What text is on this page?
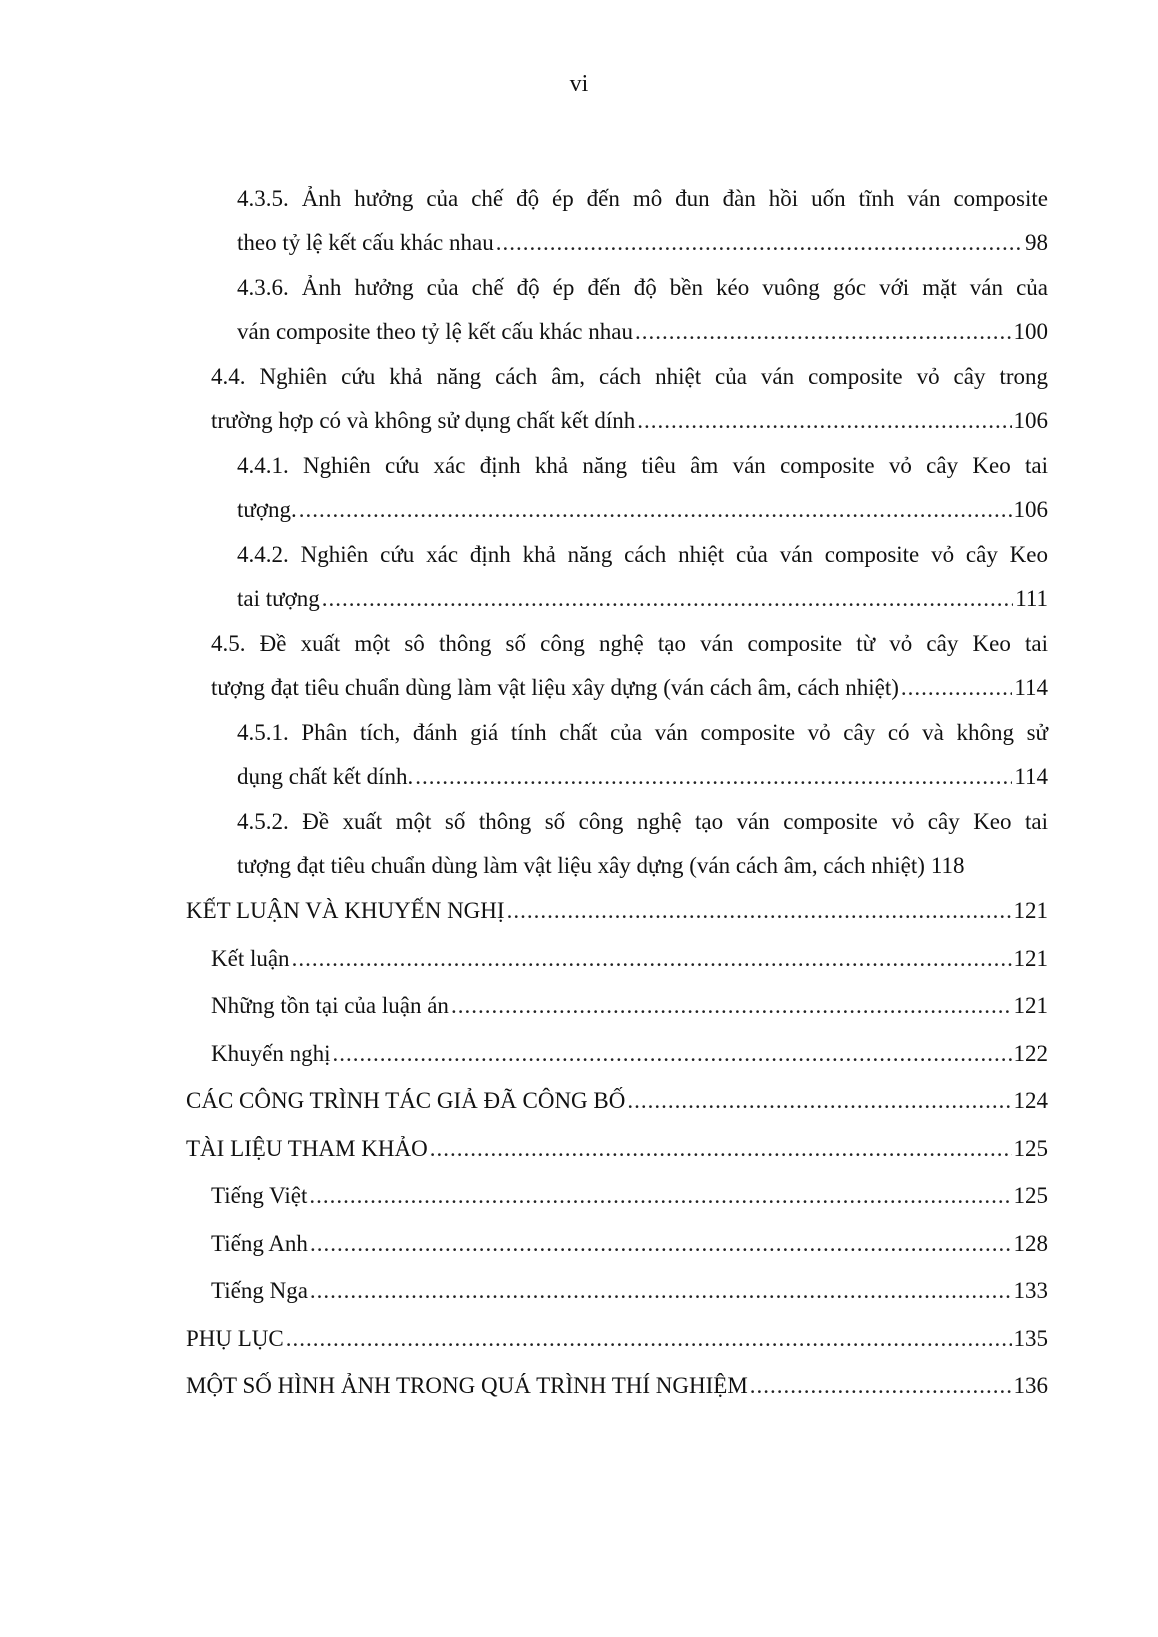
vi
4.3.5. Ảnh hưởng của chế độ ép đến mô đun đàn hồi uốn tĩnh ván composite
theo tỷ lệ kết cấu khác nhau .....	98
4.3.6. Ảnh hưởng của chế độ ép đến độ bền kéo vuông góc với mặt ván của
ván composite theo tỷ lệ kết cấu khác nhau .....	100
4.4. Nghiên cứu khả năng cách âm, cách nhiệt của ván composite vỏ cây trong
trường hợp có và không sử dụng chất kết dính .....	106
4.4.1. Nghiên cứu xác định khả năng tiêu âm ván composite vỏ cây Keo tai
tượng. .....	106
4.4.2. Nghiên cứu xác định khả năng cách nhiệt của ván composite vỏ cây Keo
tai tượng .....	111
4.5. Đề xuất một sô thông số công nghệ tạo ván composite từ vỏ cây Keo tai
tượng đạt tiêu chuẩn dùng làm vật liệu xây dựng (ván cách âm, cách nhiệt) .....	114
4.5.1. Phân tích, đánh giá tính chất của ván composite vỏ cây có và không sử
dụng chất kết dính. .....	114
4.5.2. Đề xuất một số thông số công nghệ tạo ván composite vỏ cây Keo tai
tượng đạt tiêu chuẩn dùng làm vật liệu xây dựng (ván cách âm, cách nhiệt) 118
KẾT LUẬN VÀ KHUYẾN NGHỊ .....	121
Kết luận .....	121
Những tồn tại của luận án .....	121
Khuyến nghị .....	122
CÁC CÔNG TRÌNH TÁC GIẢ ĐÃ CÔNG BỐ .....	124
TÀI LIỆU THAM KHẢO .....	125
Tiếng Việt .....	125
Tiếng Anh .....	128
Tiếng Nga .....	133
PHỤ LỤC .....	135
MỘT SỐ HÌNH ẢNH TRONG QUÁ TRÌNH THÍ NGHIỆM .....	136
